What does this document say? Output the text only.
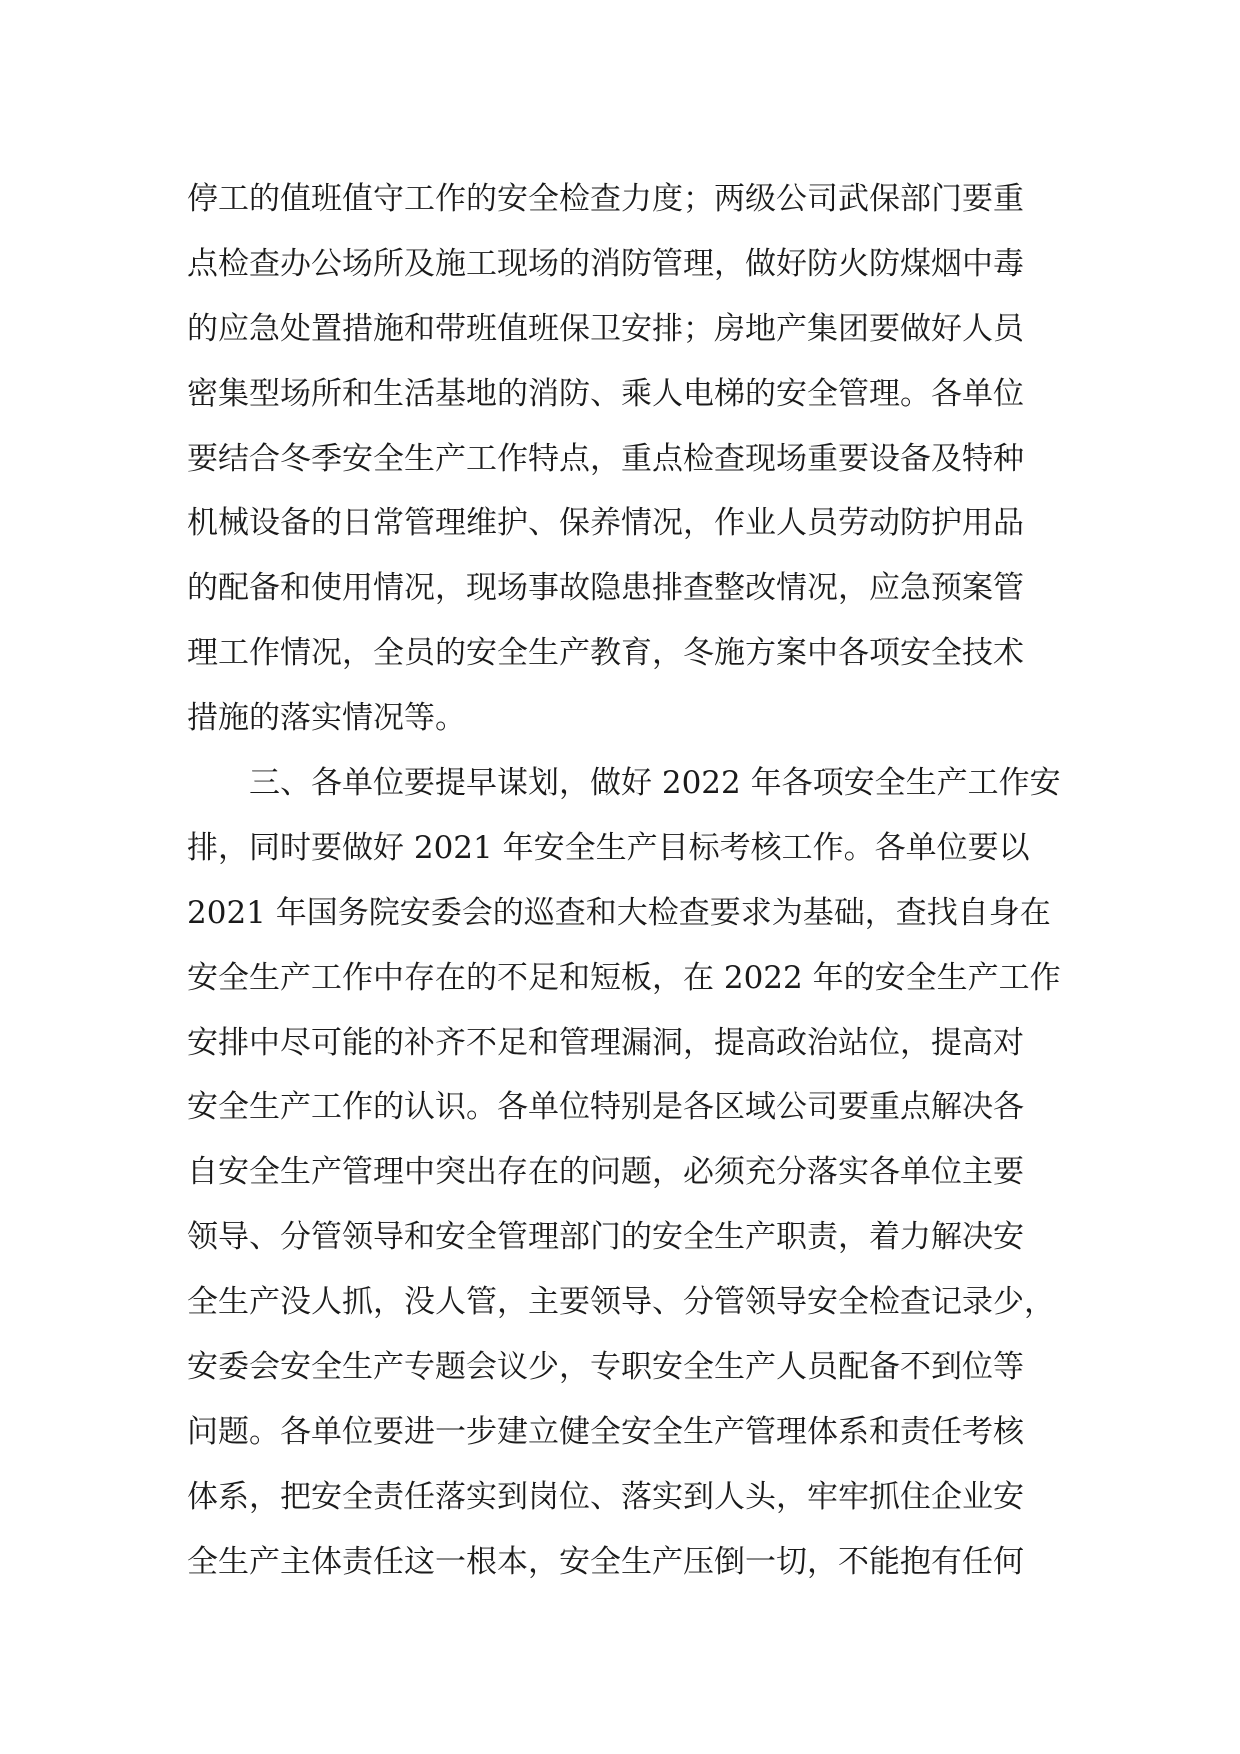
停工的值班值守工作的安全检查力度；两级公司武保部门要重
点检查办公场所及施工现场的消防管理，做好防火防煤烟中毒
的应急处置措施和带班值班保卫安排；房地产集团要做好人员
密集型场所和生活基地的消防、乘人电梯的安全管理。各单位
要结合冬季安全生产工作特点，重点检查现场重要设备及特种
机械设备的日常管理维护、保养情况，作业人员劳动防护用品
的配备和使用情况，现场事故隐患排查整改情况，应急预案管
理工作情况，全员的安全生产教育，冬施方案中各项安全技术
措施的落实情况等。
三、各单位要提早谋划，做好 2022 年各项安全生产工作安
排，同时要做好 2021 年安全生产目标考核工作。各单位要以
2021 年国务院安委会的巡查和大检查要求为基础，查找自身在
安全生产工作中存在的不足和短板，在 2022 年的安全生产工作
安排中尽可能的补齐不足和管理漏洞，提高政治站位，提高对
安全生产工作的认识。各单位特别是各区域公司要重点解决各
自安全生产管理中突出存在的问题，必须充分落实各单位主要
领导、分管领导和安全管理部门的安全生产职责，着力解决安
全生产没人抓，没人管，主要领导、分管领导安全检查记录少，
安委会安全生产专题会议少，专职安全生产人员配备不到位等
问题。各单位要进一步建立健全安全生产管理体系和责任考核
体系，把安全责任落实到岗位、落实到人头，牢牢抓住企业安
全生产主体责任这一根本，安全生产压倒一切，不能抱有任何
